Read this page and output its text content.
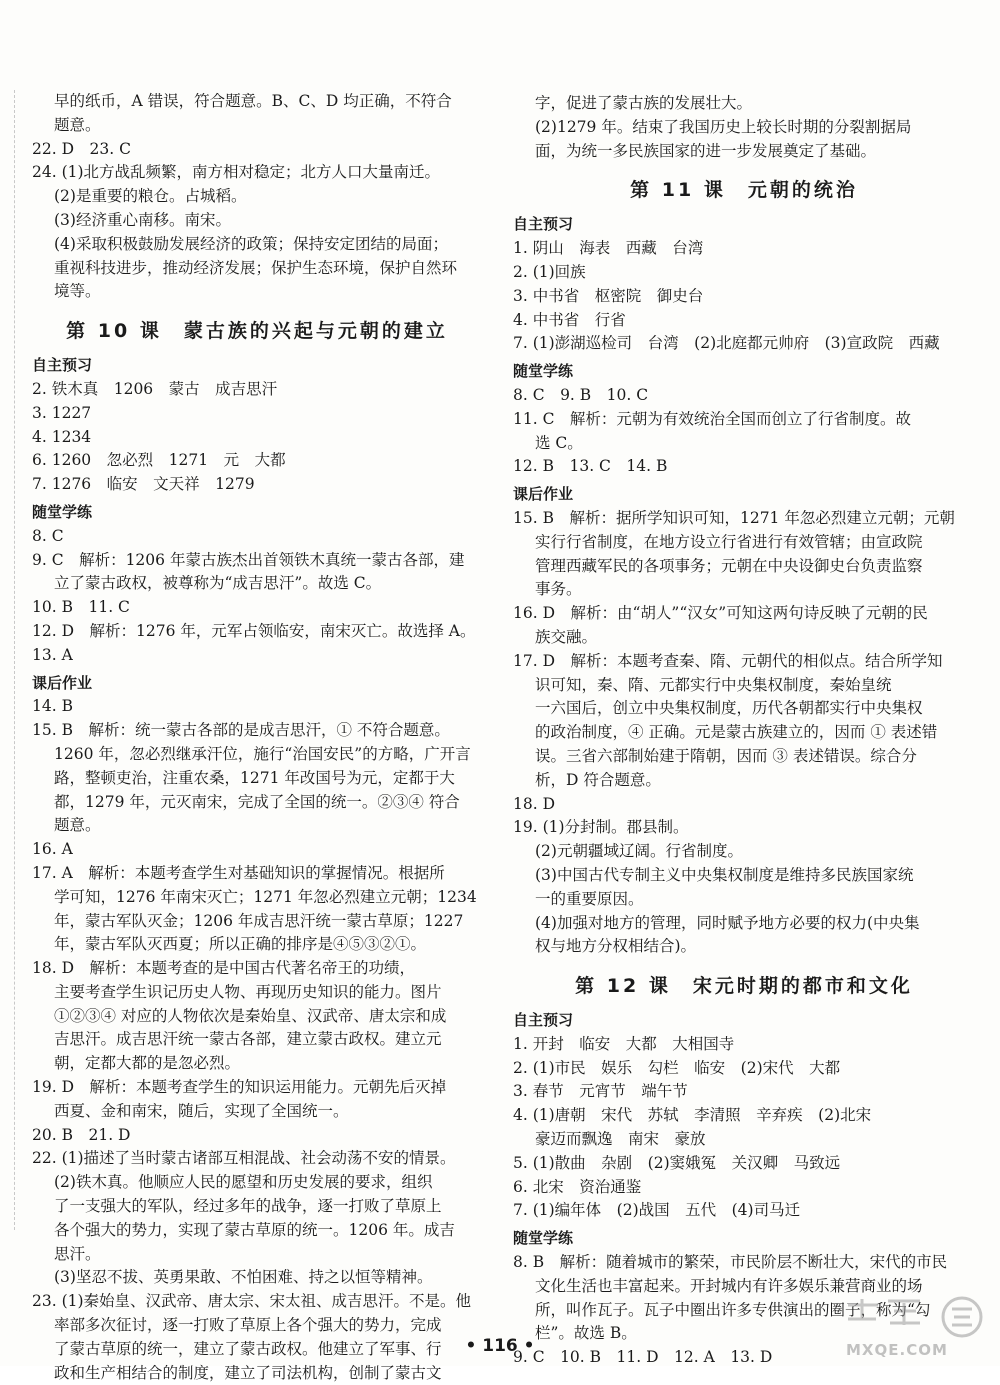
早的纸币，A 错误，符合题意。B、C、D 均正确，不符合
题意。
22. D　23. C
24. (1)北方战乱频繁，南方相对稳定；北方人口大量南迁。
(2)是重要的粮仓。占城稻。
(3)经济重心南移。南宋。
(4)采取积极鼓励发展经济的政策；保持安定团结的局面；
重视科技进步，推动经济发展；保护生态环境，保护自然环
境等。
第 10 课　蒙古族的兴起与元朝的建立
自主预习
2. 铁木真　1206　蒙古　成吉思汗
3. 1227
4. 1234
6. 1260　忽必烈　1271　元　大都
7. 1276　临安　文天祥　1279
随堂学练
8. C
9. C　解析：1206 年蒙古族杰出首领铁木真统一蒙古各部，建
立了蒙古政权，被尊称为“成吉思汗”。故选 C。
10. B　11. C
12. D　解析：1276 年，元军占领临安，南宋灭亡。故选择 A。
13. A
课后作业
14. B
15. B　解析：统一蒙古各部的是成吉思汗，① 不符合题意。
1260 年，忽必烈继承汗位，施行“治国安民”的方略，广开言
路，整顿吏治，注重农桑，1271 年改国号为元，定都于大
都，1279 年，元灭南宋，完成了全国的统一。②③④ 符合
题意。
16. A
17. A　解析：本题考查学生对基础知识的掌握情况。根据所
学可知，1276 年南宋灭亡；1271 年忽必烈建立元朝；1234
年，蒙古军队灭金；1206 年成吉思汗统一蒙古草原；1227
年，蒙古军队灭西夏；所以正确的排序是④⑤③②①。
18. D　解析：本题考查的是中国古代著名帝王的功绩，
主要考查学生识记历史人物、再现历史知识的能力。图片
①②③④ 对应的人物依次是秦始皇、汉武帝、唐太宗和成
吉思汗。成吉思汗统一蒙古各部，建立蒙古政权。建立元
朝，定都大都的是忽必烈。
19. D　解析：本题考查学生的知识运用能力。元朝先后灭掉
西夏、金和南宋，随后，实现了全国统一。
20. B　21. D
22. (1)描述了当时蒙古诸部互相混战、社会动荡不安的情景。
(2)铁木真。他顺应人民的愿望和历史发展的要求，组织
了一支强大的军队，经过多年的战争，逐一打败了草原上
各个强大的势力，实现了蒙古草原的统一。1206 年。成吉
思汗。
(3)坚忍不拔、英勇果敢、不怕困难、持之以恒等精神。
23. (1)秦始皇、汉武帝、唐太宗、宋太祖、成吉思汗。不是。他
率部多次征讨，逐一打败了草原上各个强大的势力，完成
了蒙古草原的统一，建立了蒙古政权。他建立了军事、行
政和生产相结合的制度，建立了司法机构，创制了蒙古文
字，促进了蒙古族的发展壮大。
(2)1279 年。结束了我国历史上较长时期的分裂割据局
面，为统一多民族国家的进一步发展奠定了基础。
第 11 课　元朝的统治
自主预习
1. 阴山　海表　西藏　台湾
2. (1)回族
3. 中书省　枢密院　御史台
4. 中书省　行省
7. (1)澎湖巡检司　台湾　(2)北庭都元帅府　(3)宣政院　西藏
随堂学练
8. C　9. B　10. C
11. C　解析：元朝为有效统治全国而创立了行省制度。故
选 C。
12. B　13. C　14. B
课后作业
15. B　解析：据所学知识可知，1271 年忽必烈建立元朝；元朝
实行行省制度，在地方设立行省进行有效管辖；由宣政院
管理西藏军民的各项事务；元朝在中央设御史台负责监察
事务。
16. D　解析：由“胡人”“汉女”可知这两句诗反映了元朝的民
族交融。
17. D　解析：本题考查秦、隋、元朝代的相似点。结合所学知
识可知，秦、隋、元都实行中央集权制度，秦始皇统
一六国后，创立中央集权制度，历代各朝都实行中央集权
的政治制度，④ 正确。元是蒙古族建立的，因而 ① 表述错
误。三省六部制始建于隋朝，因而 ③ 表述错误。综合分
析，D 符合题意。
18. D
19. (1)分封制。郡县制。
(2)元朝疆域辽阔。行省制度。
(3)中国古代专制主义中央集权制度是维持多民族国家统
一的重要原因。
(4)加强对地方的管理，同时赋予地方必要的权力(中央集
权与地方分权相结合)。
第 12 课　宋元时期的都市和文化
自主预习
1. 开封　临安　大都　大相国寺
2. (1)市民　娱乐　勾栏　临安　(2)宋代　大都
3. 春节　元宵节　端午节
4. (1)唐朝　宋代　苏轼　李清照　辛弃疾　(2)北宋
豪迈而飘逸　南宋　豪放
5. (1)散曲　杂剧　(2)窦娥冤　关汉卿　马致远
6. 北宋　资治通鉴
7. (1)编年体　(2)战国　五代　(4)司马迁
随堂学练
8. B　解析：随着城市的繁荣，市民阶层不断壮大，宋代的市民
文化生活也丰富起来。开封城内有许多娱乐兼营商业的场
所，叫作瓦子。瓦子中圈出许多专供演出的圈子，称为“勾
栏”。故选 B。
9. C　10. B　11. D　12. A　13. D
• 116 •	MXQE.COM
